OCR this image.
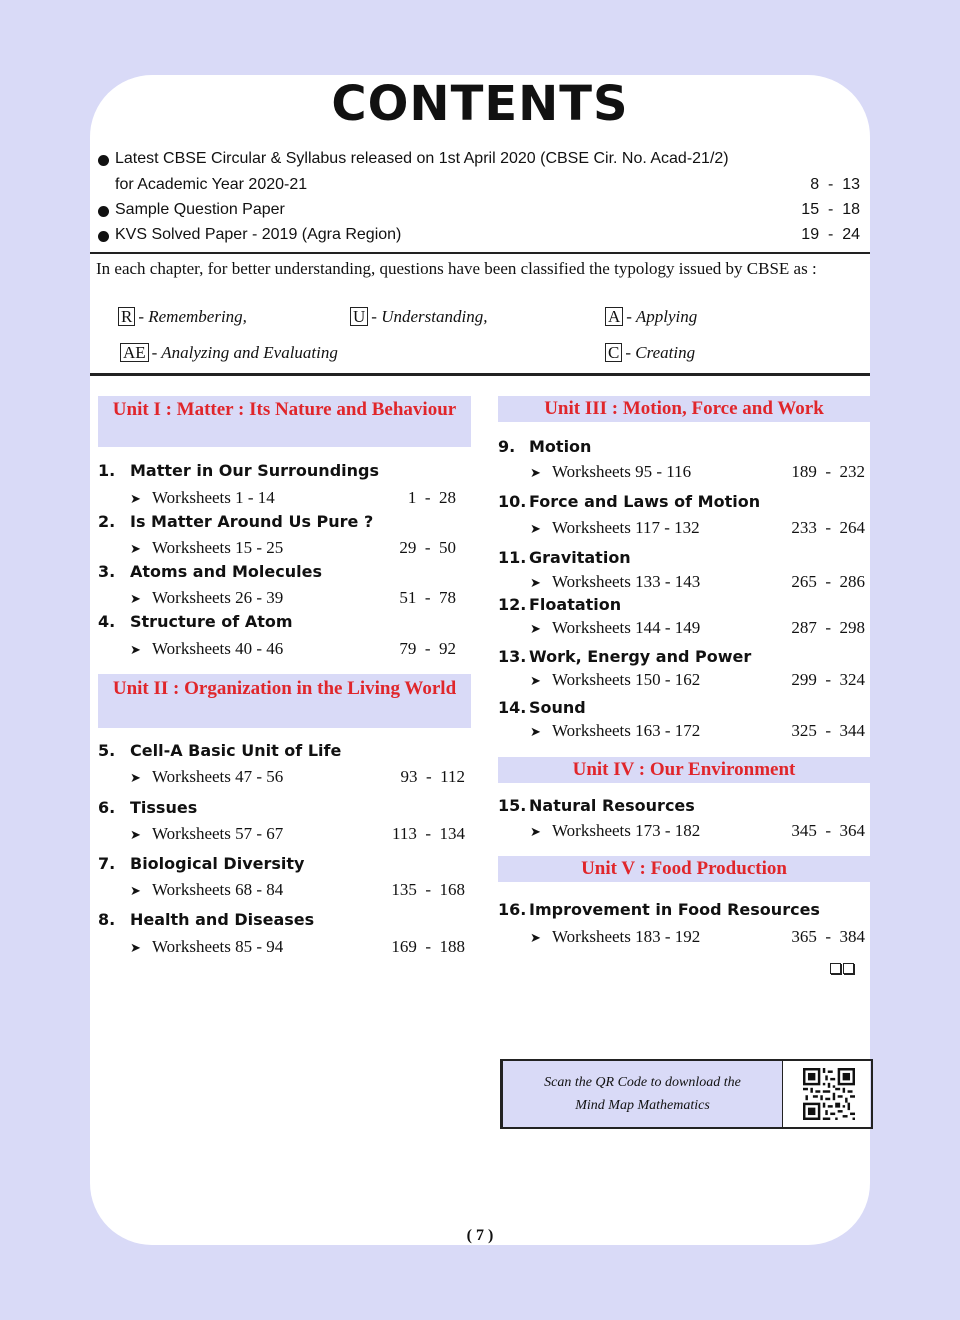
CONTENTS
Latest CBSE Circular & Syllabus released on 1st April 2020 (CBSE Cir. No. Acad-21/2)
for Academic Year 2020-21	8  -  13
Sample Question Paper	15  -  18
KVS Solved Paper - 2019 (Agra Region)	19  -  24
In each chapter, for better understanding, questions have been classified the typology issued by CBSE as :
R - Remembering,	U - Understanding,	A - Applying
AE - Analyzing and Evaluating	C - Creating
Unit I : Matter : Its Nature and Behaviour
1. Matter in Our Surroundings
➤ Worksheets 1 - 14	1  -  28
2. Is Matter Around Us Pure ?
➤ Worksheets 15 - 25	29  -  50
3. Atoms and Molecules
➤ Worksheets 26 - 39	51  -  78
4. Structure of Atom
➤ Worksheets 40 - 46	79  -  92
Unit II : Organization in the Living World
5. Cell-A Basic Unit of Life
➤ Worksheets 47 - 56	93  -  112
6. Tissues
➤ Worksheets 57 - 67	113  -  134
7. Biological Diversity
➤ Worksheets 68 - 84	135  -  168
8. Health and Diseases
➤ Worksheets 85 - 94	169  -  188
Unit III : Motion, Force and Work
9. Motion
➤ Worksheets 95 - 116	189  -  232
10. Force and Laws of Motion
➤ Worksheets 117 - 132	233  -  264
11. Gravitation
➤ Worksheets 133 - 143	265  -  286
12. Floatation
➤ Worksheets 144 - 149	287  -  298
13. Work, Energy and Power
➤ Worksheets 150 - 162	299  -  324
14. Sound
➤ Worksheets 163 - 172	325  -  344
Unit IV : Our Environment
15. Natural Resources
➤ Worksheets 173 - 182	345  -  364
Unit V : Food Production
16. Improvement in Food Resources
➤ Worksheets 183 - 192	365  -  384
Scan the QR Code to download the
Mind Map Mathematics
( 7 )
